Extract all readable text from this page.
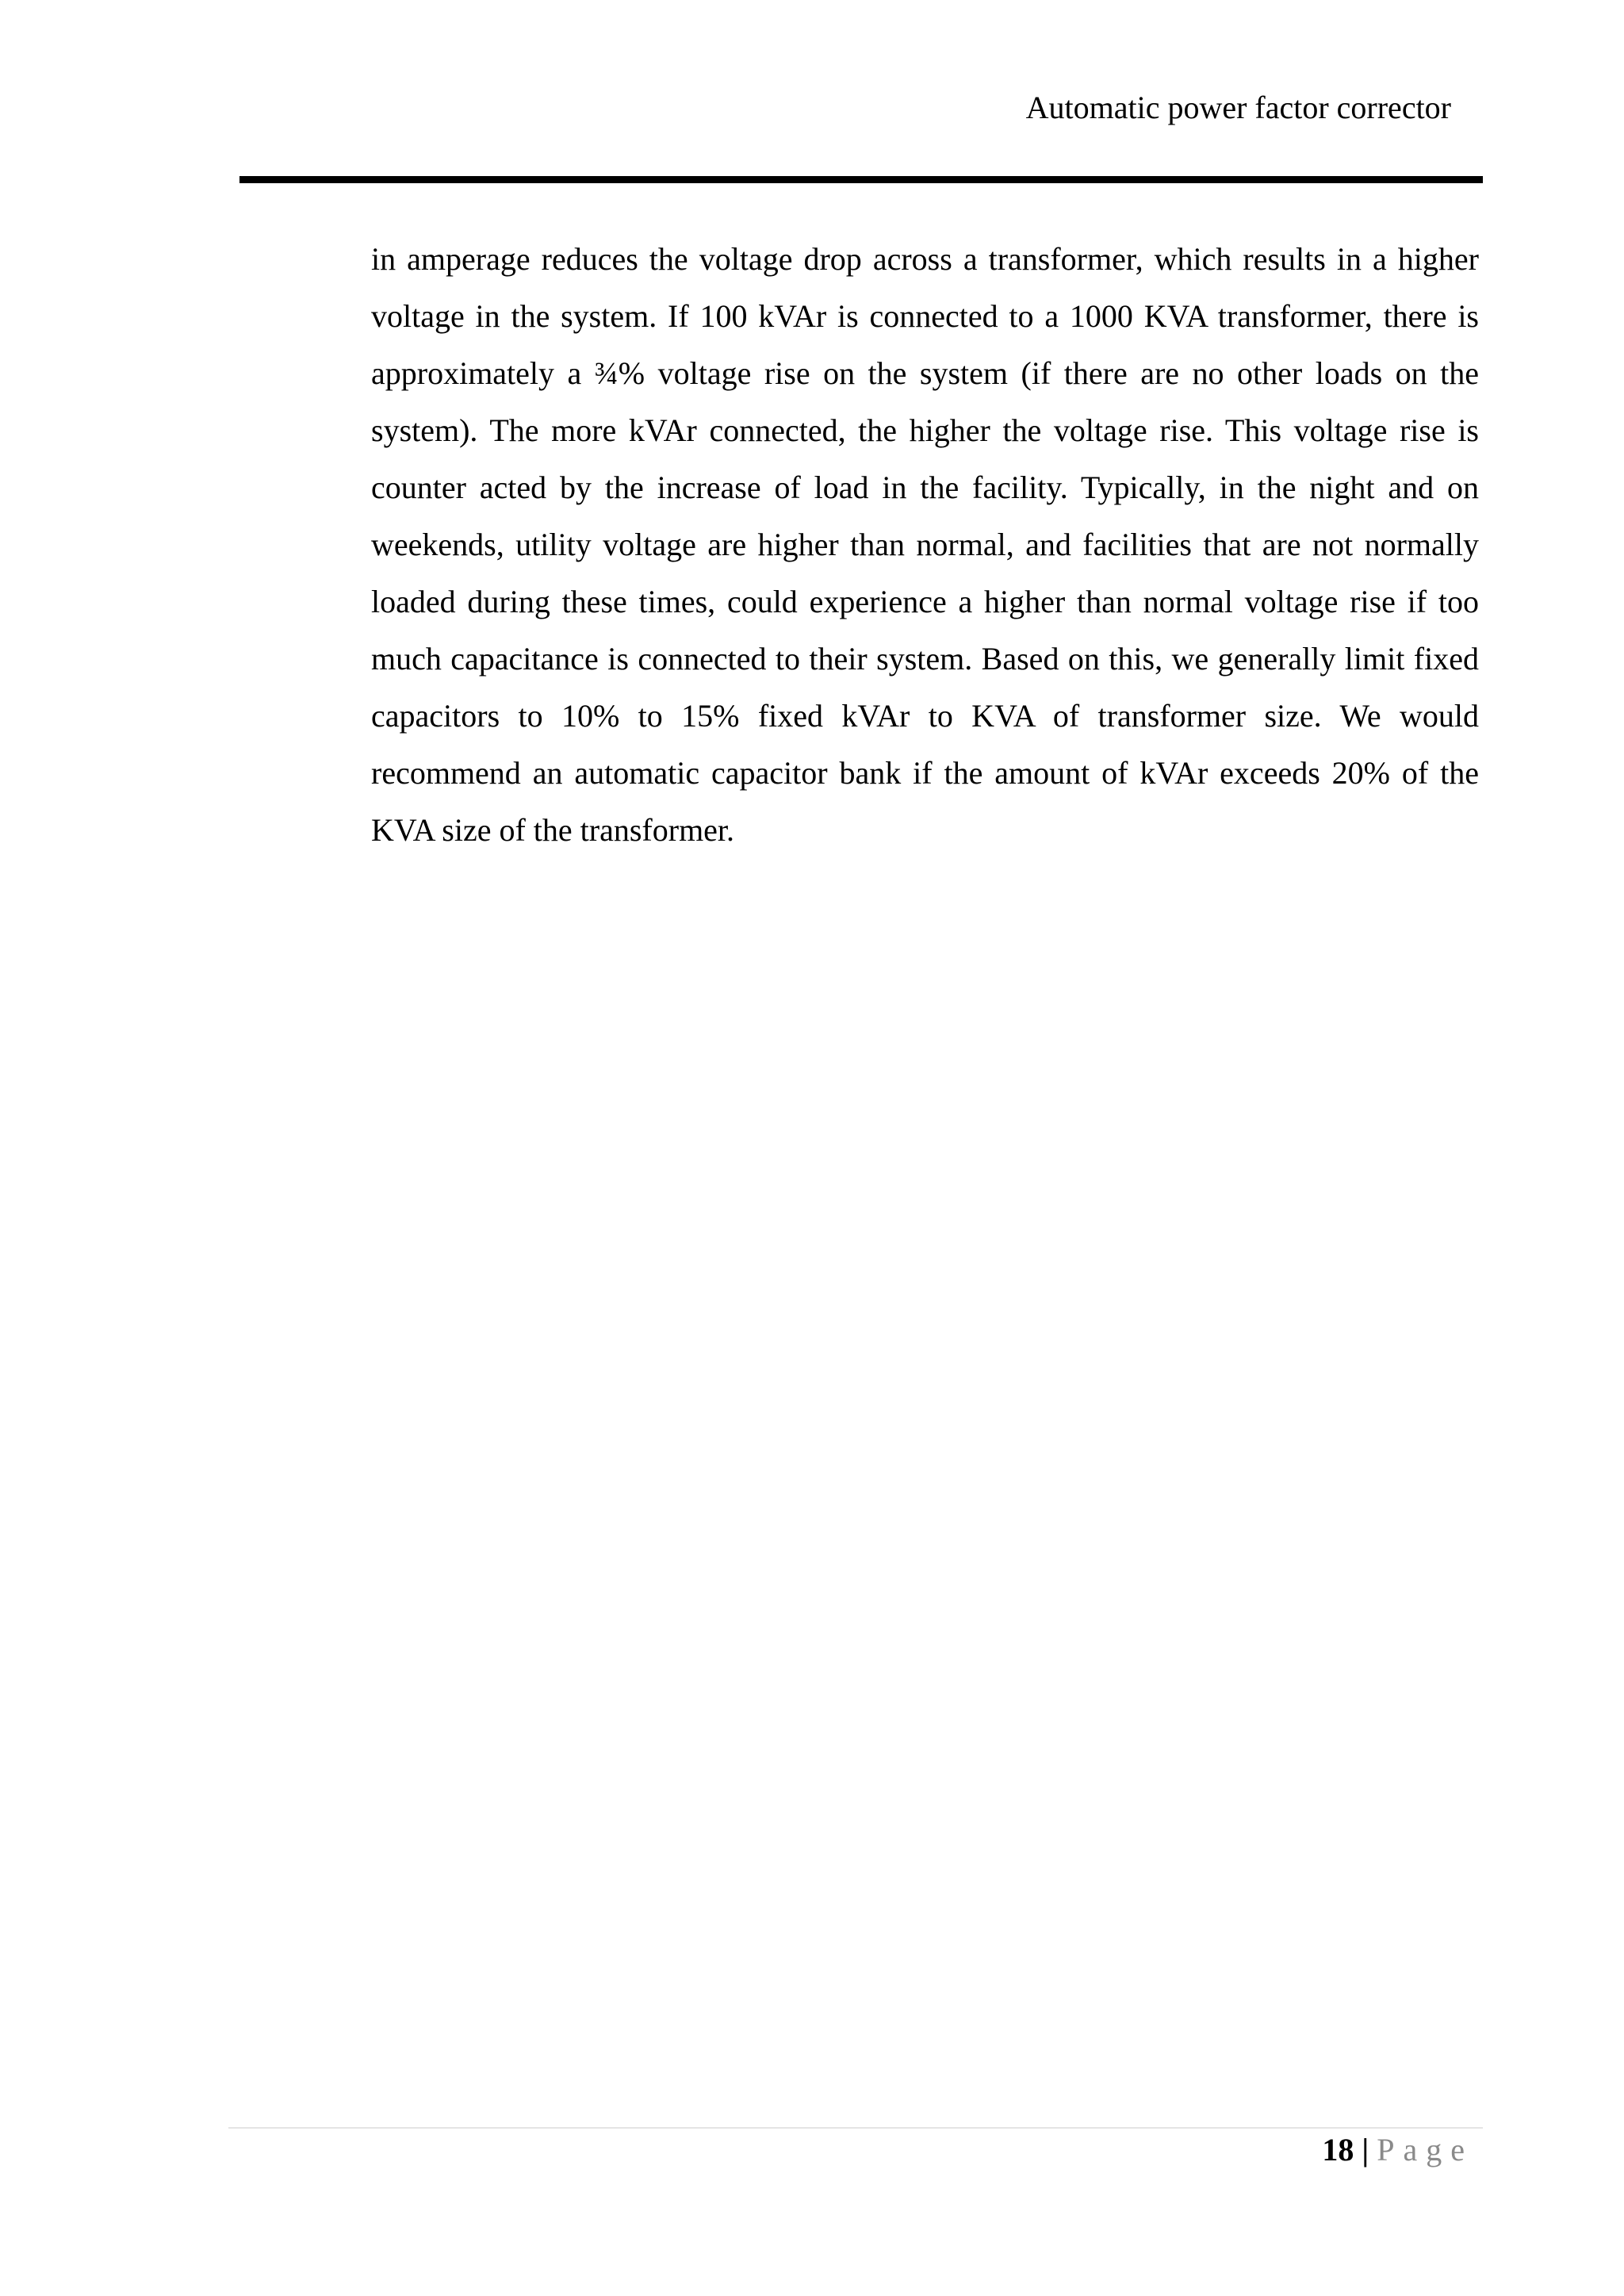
Automatic power factor corrector

in amperage reduces the voltage drop across a transformer, which results in a higher voltage in the system. If 100 kVAr is connected to a 1000 KVA transformer, there is approximately a ¾% voltage rise on the system (if there are no other loads on the system). The more kVAr connected, the higher the voltage rise. This voltage rise is counter acted by the increase of load in the facility. Typically, in the night and on weekends, utility voltage are higher than normal, and facilities that are not normally loaded during these times, could experience a higher than normal voltage rise if too much capacitance is connected to their system. Based on this, we generally limit fixed capacitors to 10% to 15% fixed kVAr to KVA of transformer size. We would recommend an automatic capacitor bank if the amount of kVAr exceeds 20% of the KVA size of the transformer.

18 | Page
